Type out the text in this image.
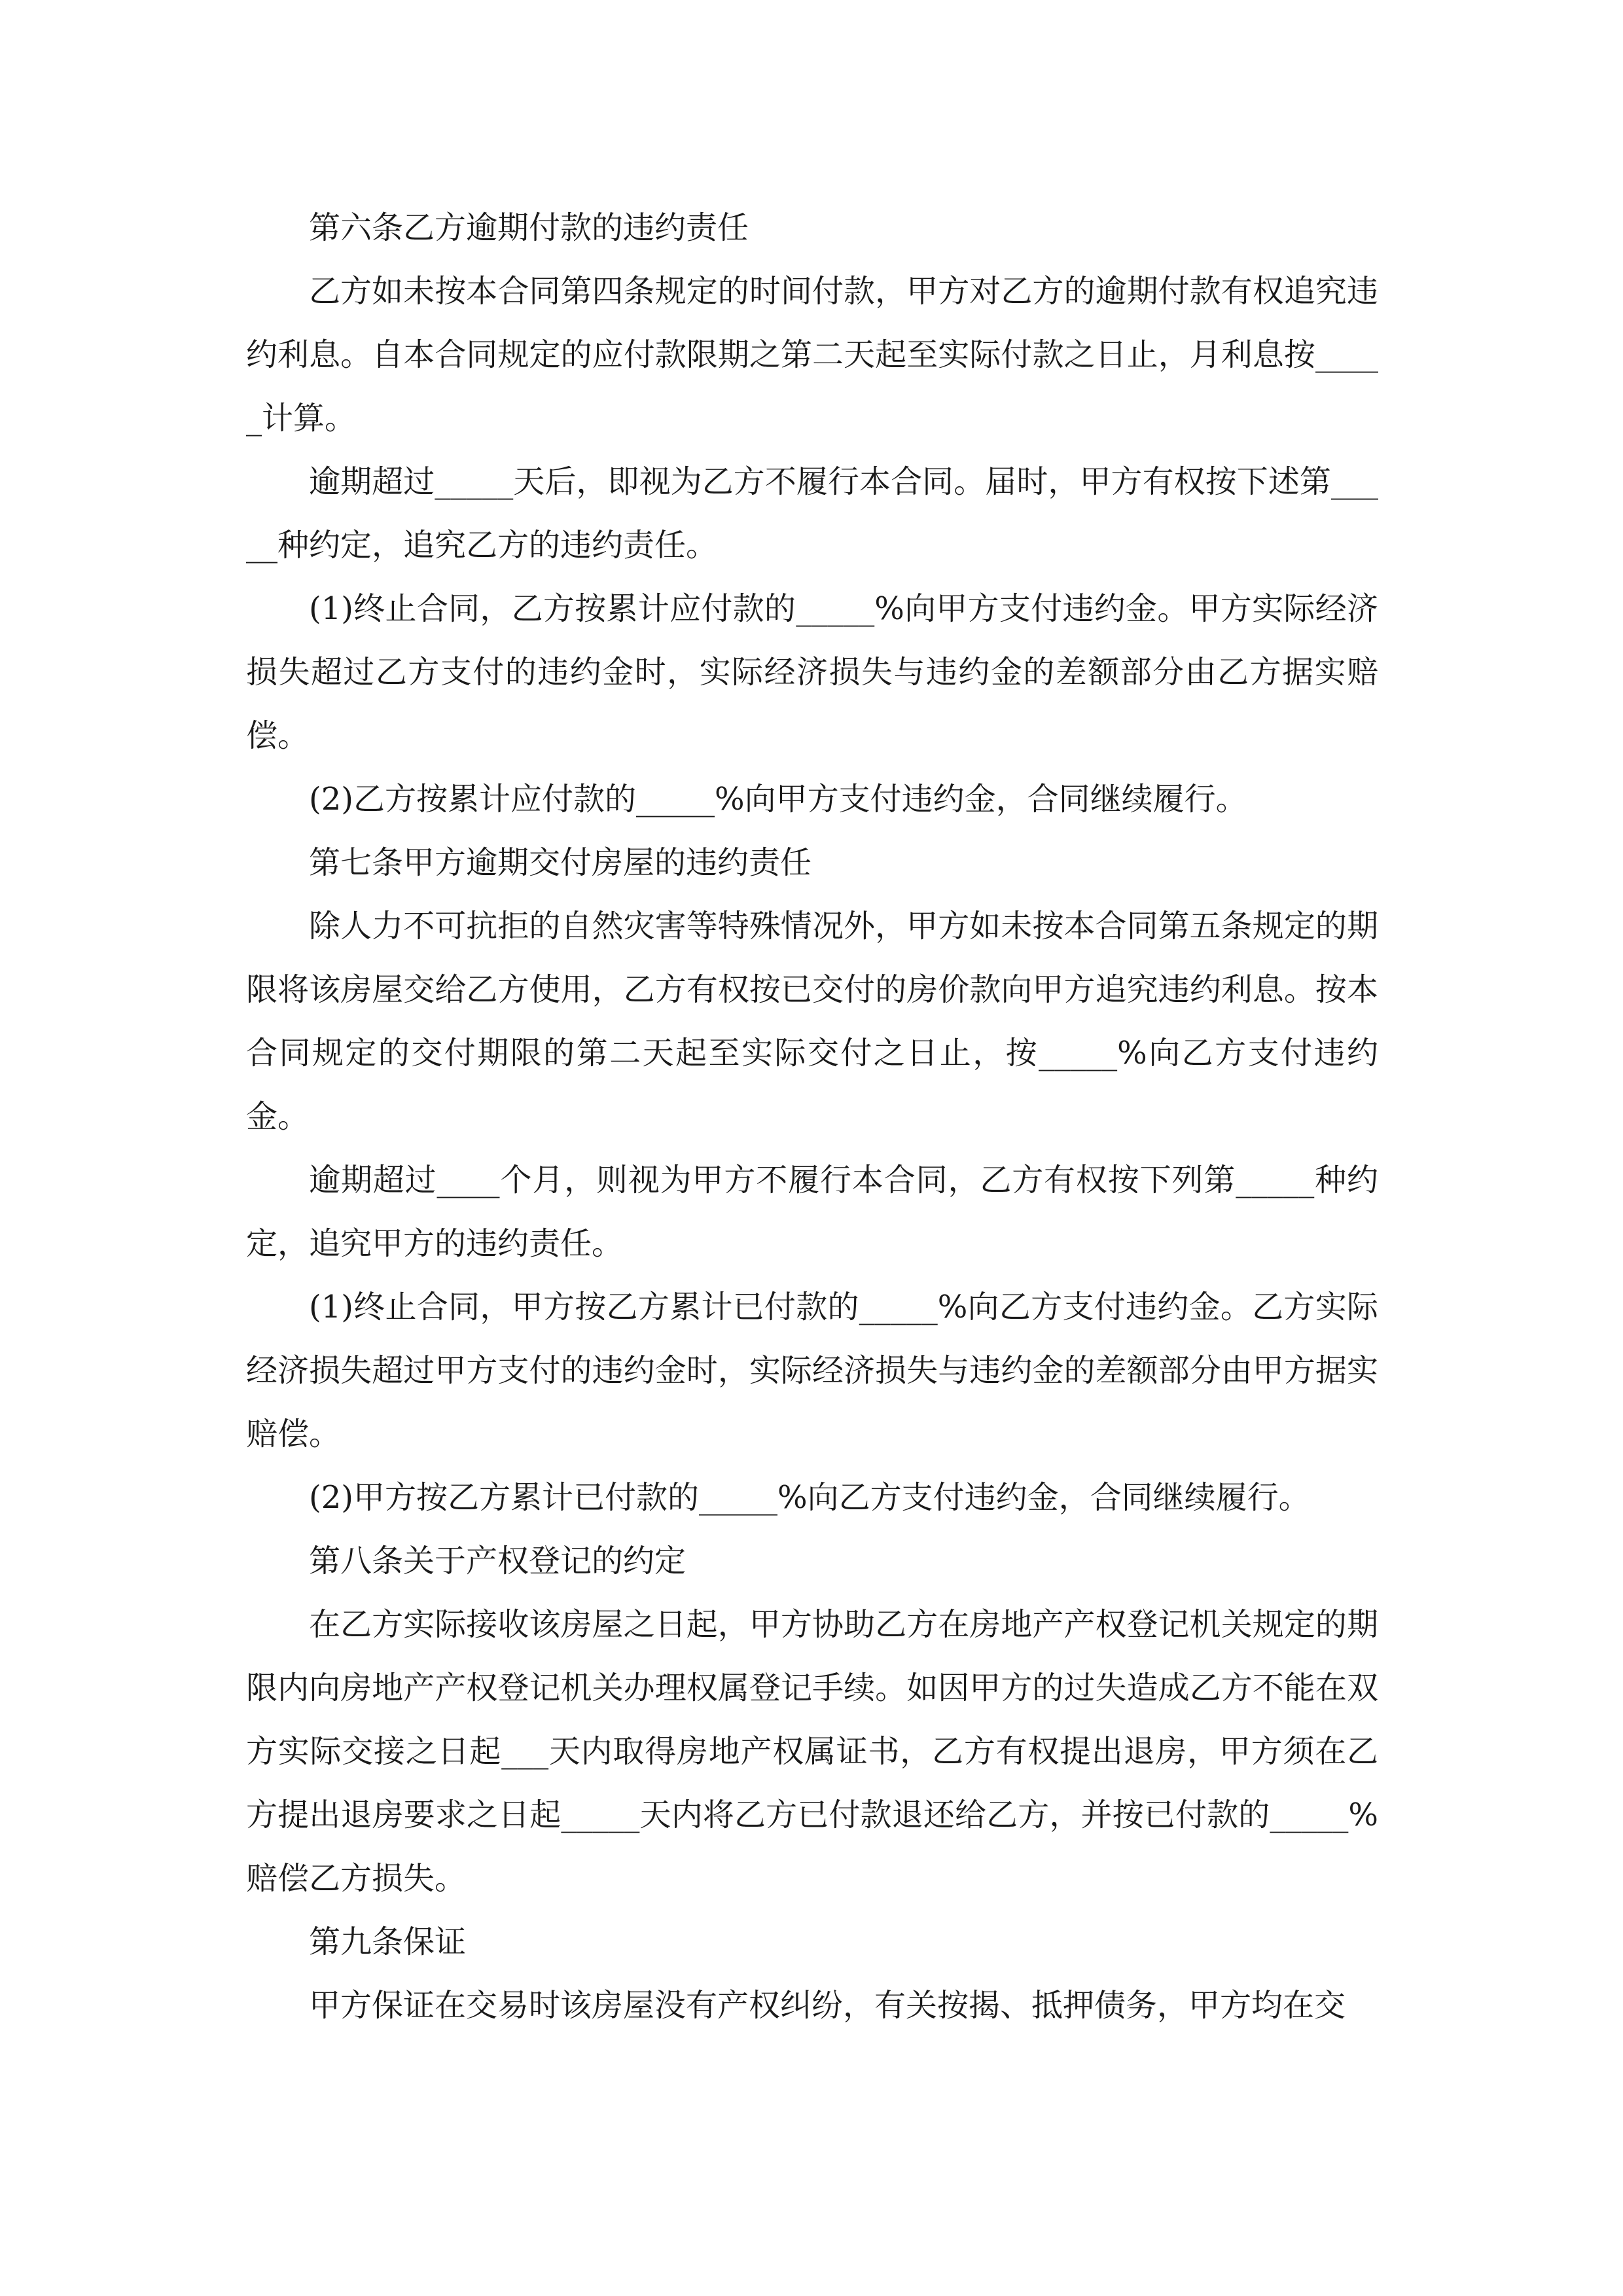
第六条乙方逾期付款的违约责任

乙方如未按本合同第四条规定的时间付款，甲方对乙方的逾期付款有权追究违约利息。自本合同规定的应付款限期之第二天起至实际付款之日止，月利息按_____计算。

逾期超过_____天后，即视为乙方不履行本合同。届时，甲方有权按下述第_____种约定，追究乙方的违约责任。

(1)终止合同，乙方按累计应付款的_____%向甲方支付违约金。甲方实际经济损失超过乙方支付的违约金时，实际经济损失与违约金的差额部分由乙方据实赔偿。

(2)乙方按累计应付款的_____%向甲方支付违约金，合同继续履行。

第七条甲方逾期交付房屋的违约责任

除人力不可抗拒的自然灾害等特殊情况外，甲方如未按本合同第五条规定的期限将该房屋交给乙方使用，乙方有权按已交付的房价款向甲方追究违约利息。按本合同规定的交付期限的第二天起至实际交付之日止，按_____%向乙方支付违约金。

逾期超过____个月，则视为甲方不履行本合同，乙方有权按下列第_____种约定，追究甲方的违约责任。

(1)终止合同，甲方按乙方累计已付款的_____%向乙方支付违约金。乙方实际经济损失超过甲方支付的违约金时，实际经济损失与违约金的差额部分由甲方据实赔偿。

(2)甲方按乙方累计已付款的_____%向乙方支付违约金，合同继续履行。

第八条关于产权登记的约定

在乙方实际接收该房屋之日起，甲方协助乙方在房地产产权登记机关规定的期限内向房地产产权登记机关办理权属登记手续。如因甲方的过失造成乙方不能在双方实际交接之日起___天内取得房地产权属证书，乙方有权提出退房，甲方须在乙方提出退房要求之日起_____天内将乙方已付款退还给乙方，并按已付款的_____%赔偿乙方损失。

第九条保证

甲方保证在交易时该房屋没有产权纠纷，有关按揭、抵押债务，甲方均在交
